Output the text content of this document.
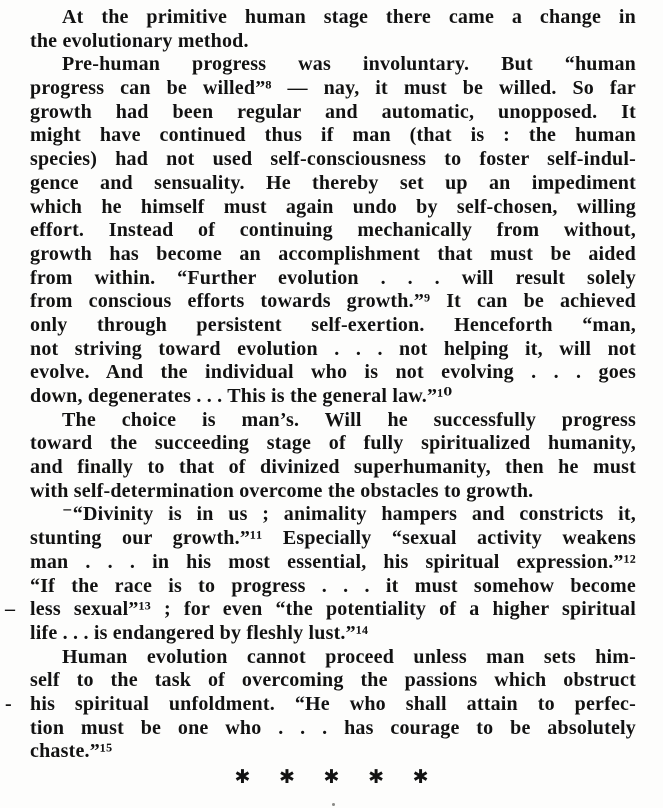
At the primitive human stage there came a change in
the evolutionary method.
Pre-human progress was involuntary. But “human
progress can be willed”⁸ — nay, it must be willed. So far
growth had been regular and automatic, unopposed. It
might have continued thus if man (that is : the human
species) had not used self-consciousness to foster self-indul-
gence and sensuality. He thereby set up an impediment
which he himself must again undo by self-chosen, willing
effort. Instead of continuing mechanically from without,
growth has become an accomplishment that must be aided
from within. “Further evolution . . . will result solely
from conscious efforts towards growth.”⁹ It can be achieved
only through persistent self-exertion. Henceforth “man,
not striving toward evolution . . . not helping it, will not
evolve. And the individual who is not evolving . . . goes
down, degenerates . . . This is the general law.”¹⁰
The choice is man’s. Will he successfully progress
toward the succeeding stage of fully spiritualized humanity,
and finally to that of divinized superhumanity, then he must
with self-determination overcome the obstacles to growth.
⁻“Divinity is in us ; animality hampers and constricts it,
stunting our growth.”¹¹ Especially “sexual activity weakens
man . . . in his most essential, his spiritual expression.”¹²
“If the race is to progress . . . it must somehow become
– less sexual”¹³ ; for even “the potentiality of a higher spiritual
life . . . is endangered by fleshly lust.”¹⁴
Human evolution cannot proceed unless man sets him-
self to the task of overcoming the passions which obstruct
- his spiritual unfoldment. “He who shall attain to perfec-
tion must be one who . . . has courage to be absolutely
chaste.”¹⁵
✱ ✱ ✱ ✱ ✱
